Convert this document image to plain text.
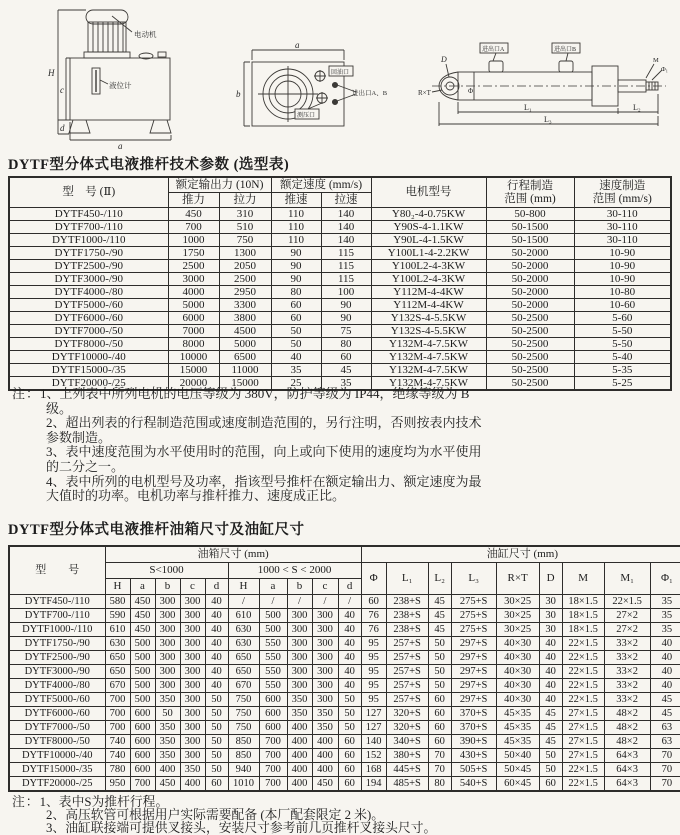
电动机
液位计
H
c
d
a
a
b
回油口
测压口
进出口A、B
进出口A	进出口B
D
R×T	Φ
M
Φ₁
L₁	L₂
L₃
DYTF型分体式电液推杆技术参数 (选型表)
型　号 (Ⅱ)	额定输出力 (10N)		额定速度 (mm/s)		电机型号	行程制造
范围 (mm)	速度制造
范围 (mm/s)
	推力	拉力	推速	拉速			
DYTF450-/110	450	310	110	140	Y80₂-4-0.75KW	50-800	30-110
DYTF700-/110	700	510	110	140	Y90S-4-1.1KW	50-1500	30-110
DYTF1000-/110	1000	750	110	140	Y90L-4-1.5KW	50-1500	30-110
DYTF1750-/90	1750	1300	90	115	Y100L1-4-2.2KW	50-2000	10-90
DYTF2500-/90	2500	2050	90	115	Y100L2-4-3KW	50-2000	10-90
DYTF3000-/90	3000	2500	90	115	Y100L2-4-3KW	50-2000	10-90
DYTF4000-/80	4000	2950	80	100	Y112M-4-4KW	50-2000	10-80
DYTF5000-/60	5000	3300	60	90	Y112M-4-4KW	50-2000	10-60
DYTF6000-/60	6000	3800	60	90	Y132S-4-5.5KW	50-2500	5-60
DYTF7000-/50	7000	4500	50	75	Y132S-4-5.5KW	50-2500	5-50
DYTF8000-/50	8000	5000	50	80	Y132M-4-7.5KW	50-2500	5-50
DYTF10000-/40	10000	6500	40	60	Y132M-4-7.5KW	50-2500	5-40
DYTF15000-/35	15000	11000	35	45	Y132M-4-7.5KW	50-2500	5-35
DYTF20000-/25	20000	15000	25	35	Y132M-4-7.5KW	50-2500	5-25
注：1、上列表中所列电机的电压等级为 380V，防护等级为 IP44，绝缘等级为 B 级。
2、超出列表的行程制造范围或速度制造范围的，另行注明，否则按表内技术参数制造。
3、表中速度范围为水平使用时的范围，向上或向下使用的速度均为水平使用的二分之一。
4、表中所列的电机型号及功率，指该型号推杆在额定输出力、额定速度为最大值时的功率。电机功率与推杆推力、速度成正比。
DYTF型分体式电液推杆油箱尺寸及油缸尺寸
型　　号	油箱尺寸 (mm)										油缸尺寸 (mm)								
	S<1000					1000 < S < 2000					Φ	L₁	L₂	L₃	R×T	D	M	M₁	Φ₁
	H	a	b	c	d	H	a	b	c	d									
DYTF450-/110	580	450	300	300	40	/	/	/	/	/	60	238+S	45	275+S	30×25	30	18×1.5	22×1.5	35
DYTF700-/110	590	450	300	300	40	610	500	300	300	40	76	238+S	45	275+S	30×25	30	18×1.5	27×2	35
DYTF1000-/110	610	450	300	300	40	630	500	300	300	40	76	238+S	45	275+S	30×25	30	18×1.5	27×2	35
DYTF1750-/90	630	500	300	300	40	630	550	300	300	40	95	257+S	50	297+S	40×30	40	22×1.5	33×2	40
DYTF2500-/90	650	500	300	300	40	650	550	300	300	40	95	257+S	50	297+S	40×30	40	22×1.5	33×2	40
DYTF3000-/90	650	500	300	300	40	650	550	300	300	40	95	257+S	50	297+S	40×30	40	22×1.5	33×2	40
DYTF4000-/80	670	500	300	300	40	670	550	300	300	40	95	257+S	50	297+S	40×30	40	22×1.5	33×2	40
DYTF5000-/60	700	500	350	300	50	750	600	350	300	50	95	257+S	60	297+S	40×30	40	22×1.5	33×2	45
DYTF6000-/60	700	600	50	300	50	750	600	350	350	50	127	320+S	60	370+S	45×35	45	27×1.5	48×2	45
DYTF7000-/50	700	600	350	300	50	750	600	400	350	50	127	320+S	60	370+S	45×35	45	27×1.5	48×2	63
DYTF8000-/50	740	600	350	300	50	850	700	400	400	60	140	340+S	60	390+S	45×35	45	27×1.5	48×2	63
DYTF10000-/40	740	600	350	300	50	850	700	400	400	60	152	380+S	70	430+S	50×40	50	27×1.5	64×3	70
DYTF15000-/35	780	600	400	350	50	940	700	400	400	60	168	445+S	70	505+S	50×45	50	22×1.5	64×3	70
DYTF20000-/25	950	700	450	400	60	1010	700	400	450	60	194	485+S	80	540+S	60×45	60	22×1.5	64×3	70
注：1、表中S为推杆行程。
2、高压软管可根据用户实际需要配备 (本厂配套限定 2 米)。
3、油缸联接端可提供叉接头，安装尺寸参考前几页推杆叉接头尺寸。
